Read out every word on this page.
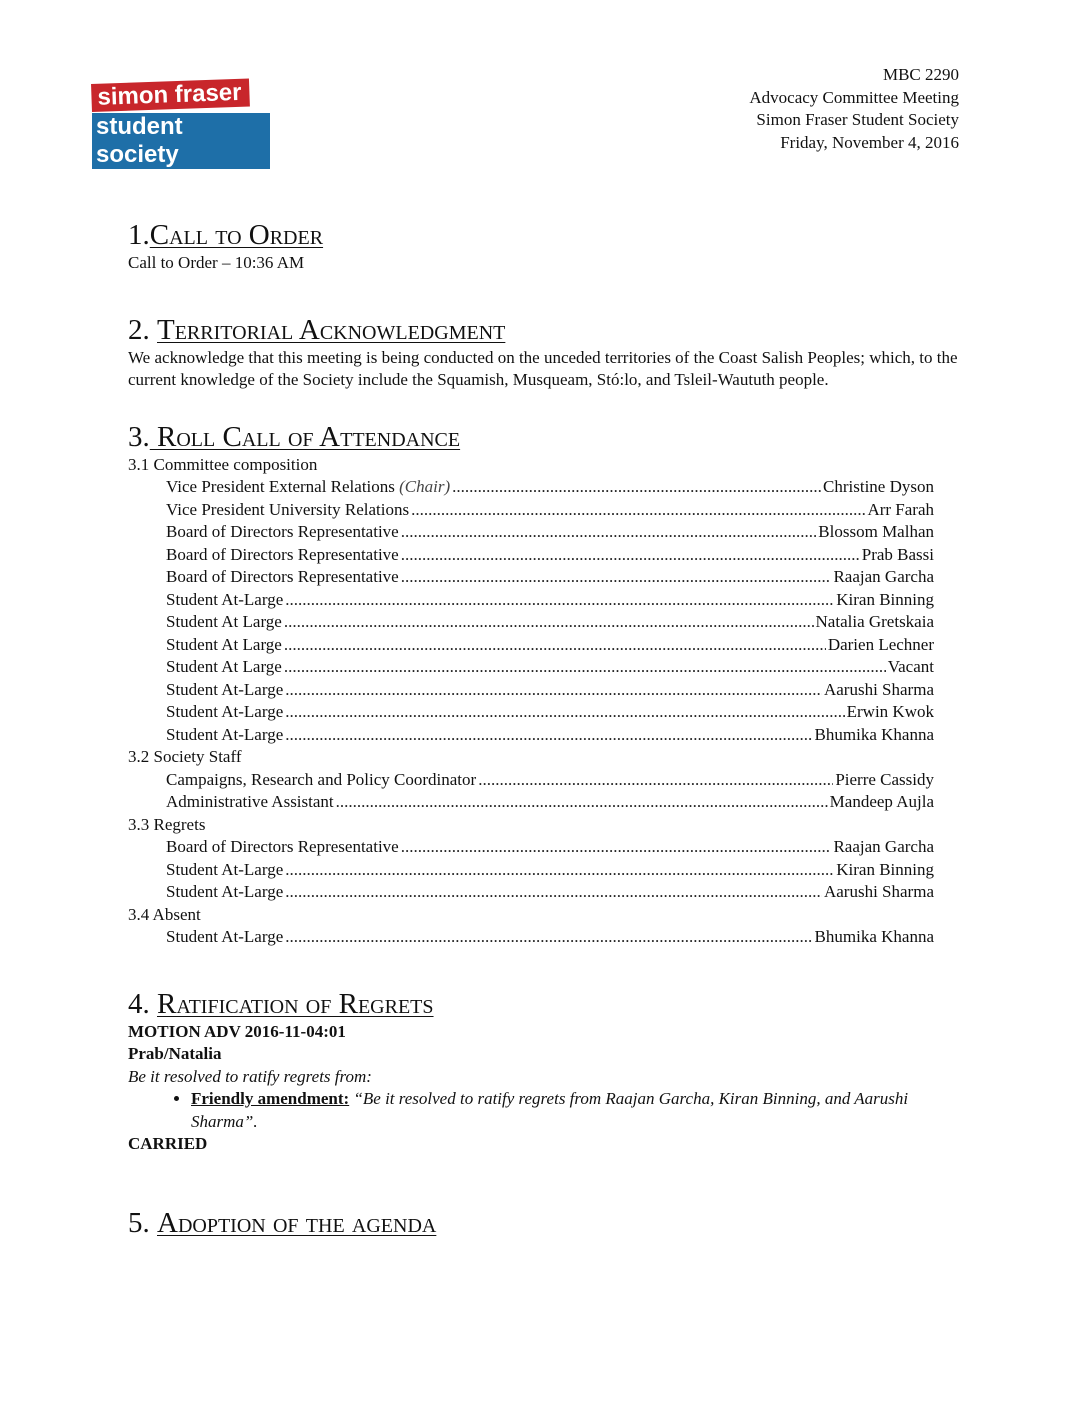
simon fraser
student society
MBC 2290
Advocacy Committee Meeting
Simon Fraser Student Society
Friday, November 4, 2016
1.Call to Order

Call to Order – 10:36 AM

2. Territorial Acknowledgment

We acknowledge that this meeting is being conducted on the unceded territories of the Coast Salish Peoples; which, to the current knowledge of the Society include the Squamish, Musqueam, Stó:lo, and Tsleil-Waututh people.

3. Roll Call of Attendance

3.1 Committee composition

Vice President External Relations (Chair) .....	Christine Dyson
Vice President University Relations .....	Arr Farah
Board of Directors Representative .....	Blossom Malhan
Board of Directors Representative .....	Prab Bassi
Board of Directors Representative .....	Raajan Garcha
Student At-Large .....	Kiran Binning
Student At Large .....	Natalia Gretskaia
Student At Large .....	Darien Lechner
Student At Large .....	Vacant
Student At-Large .....	Aarushi Sharma
Student At-Large .....	Erwin Kwok
Student At-Large .....	Bhumika Khanna

3.2 Society Staff

Campaigns, Research and Policy Coordinator .....	Pierre Cassidy
Administrative Assistant .....	Mandeep Aujla

3.3 Regrets

Board of Directors Representative .....	Raajan Garcha
Student At-Large .....	Kiran Binning
Student At-Large .....	Aarushi Sharma

3.4 Absent

Student At-Large .....	Bhumika Khanna
4. Ratification of Regrets

MOTION ADV 2016-11-04:01

Prab/Natalia

Be it resolved to ratify regrets from:

• Friendly amendment: “Be it resolved to ratify regrets from Raajan Garcha, Kiran Binning, and Aarushi Sharma”.

CARRIED

5. Adoption of the agenda
